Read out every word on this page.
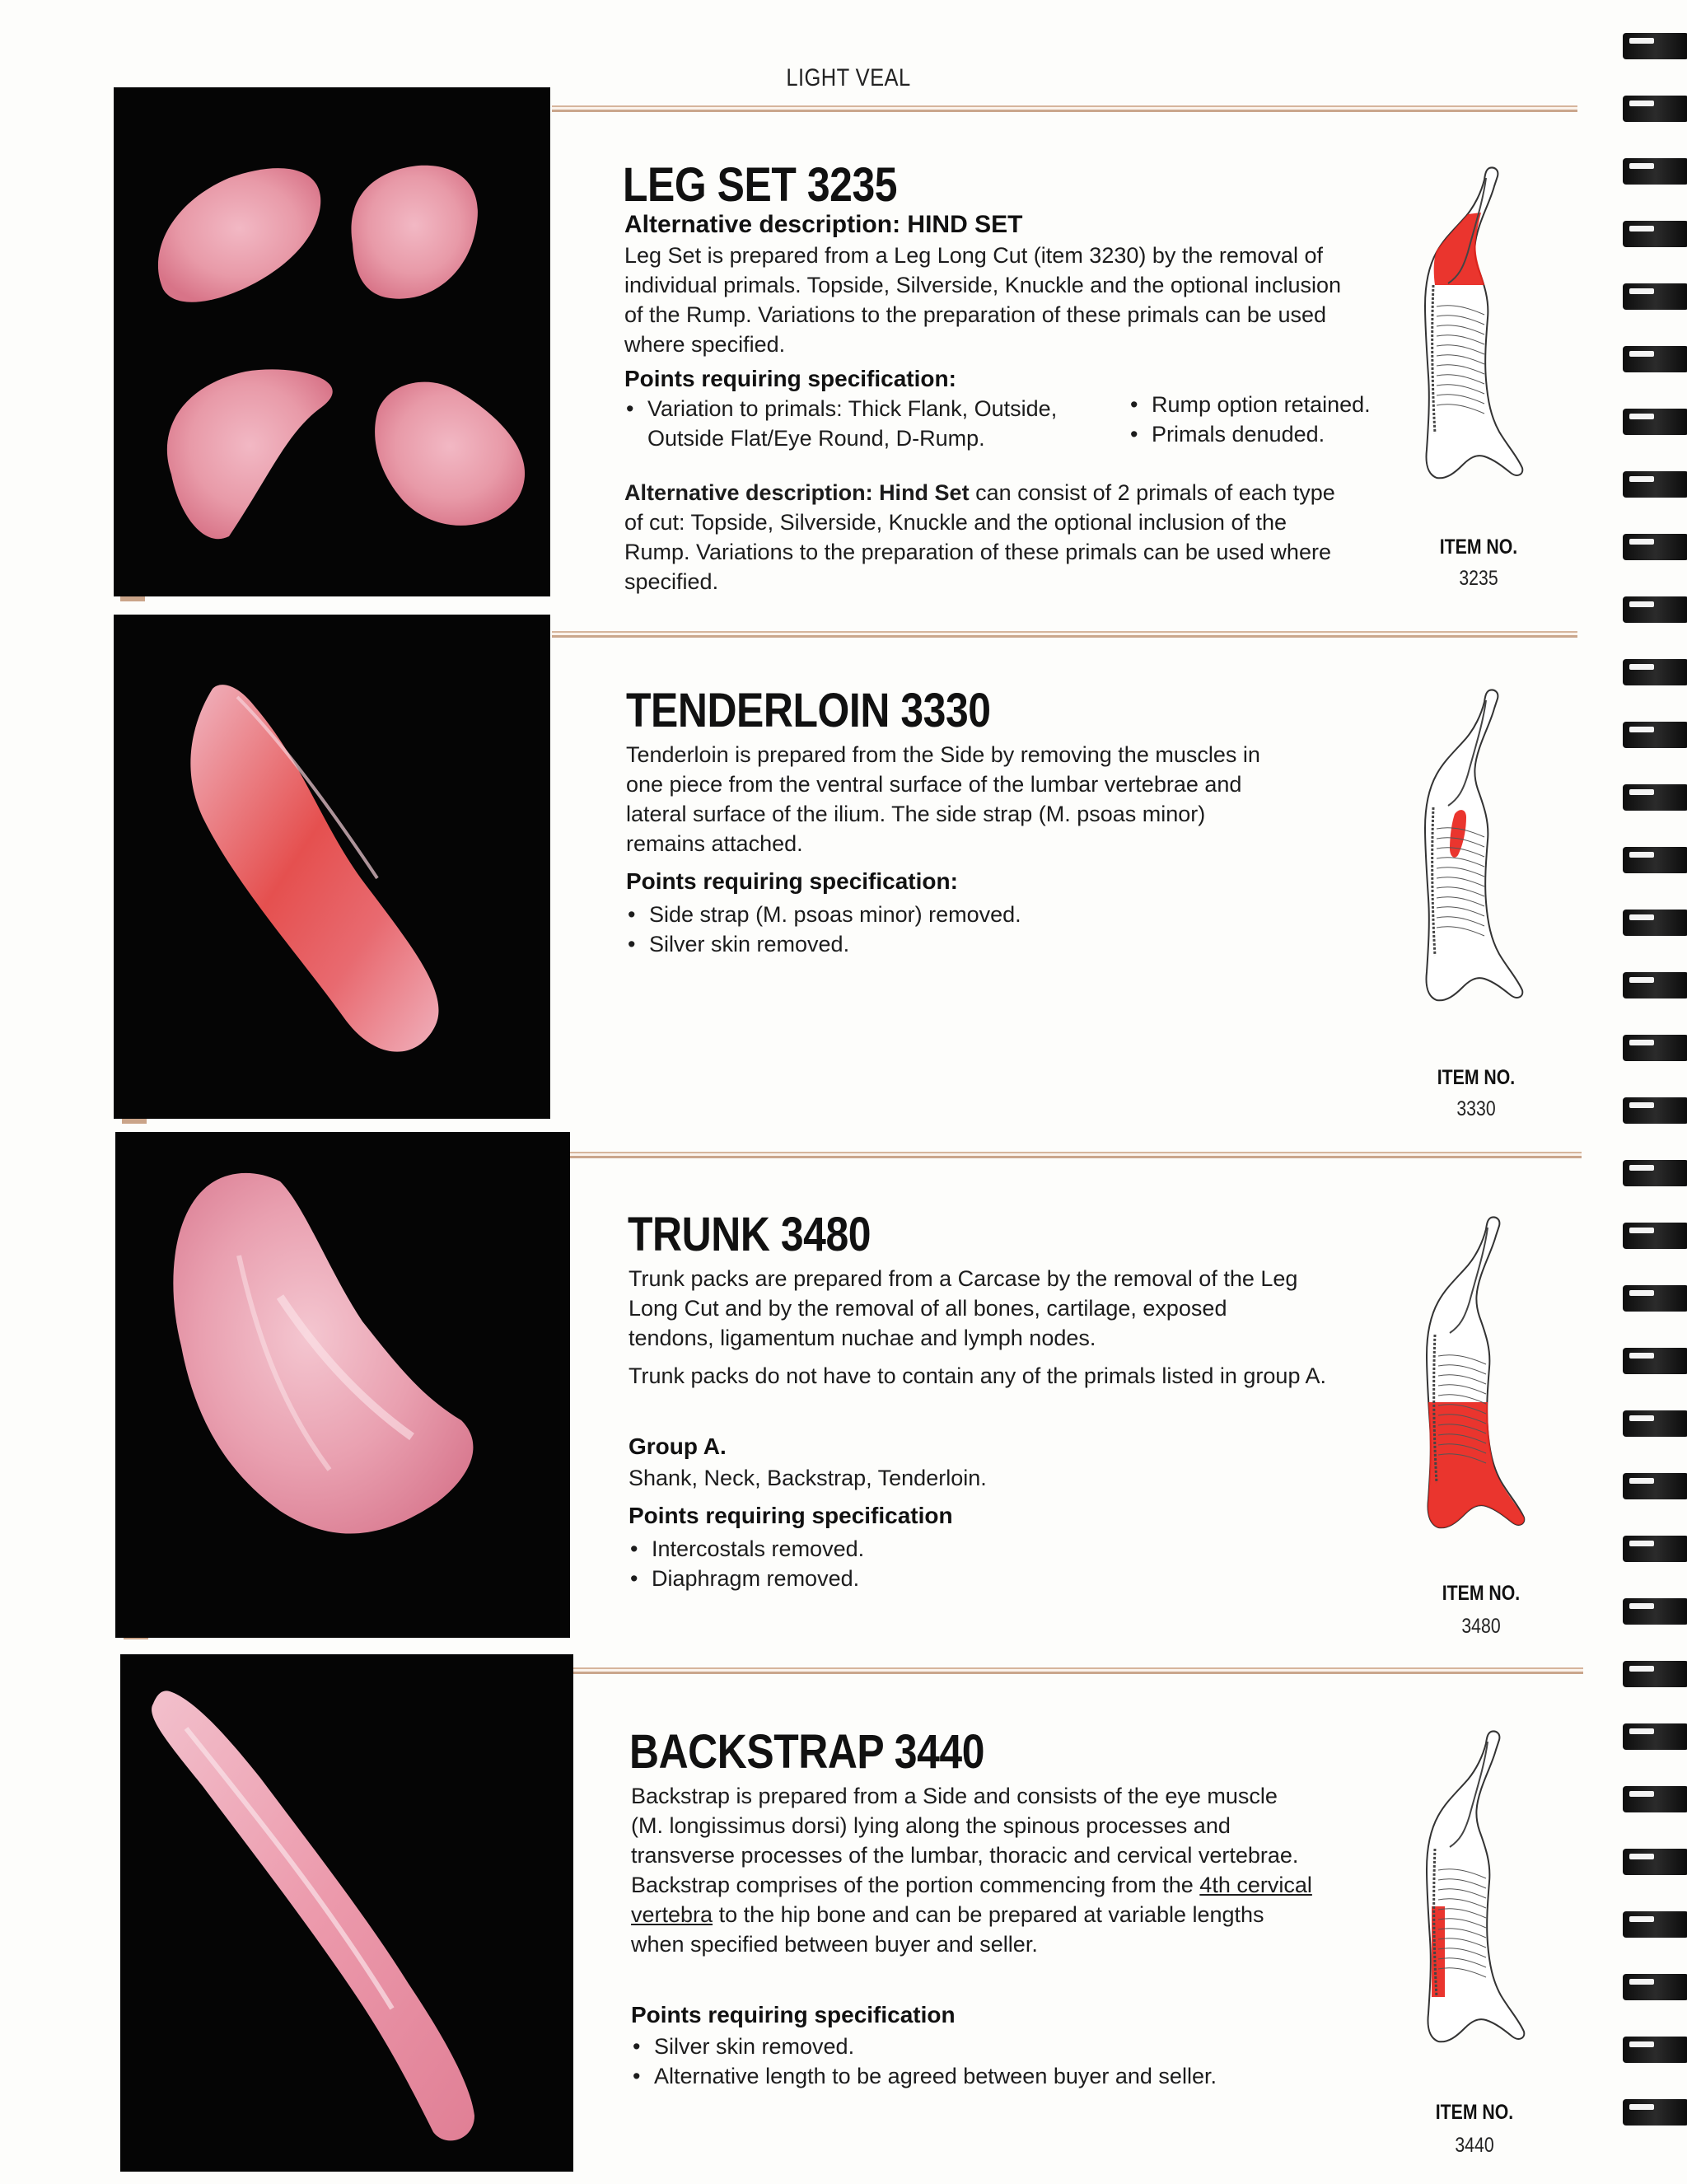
LIGHT VEAL
LEG SET 3235
Alternative description: HIND SET

Leg Set is prepared from a Leg Long Cut (item 3230) by the removal of individual primals. Topside, Silverside, Knuckle and the optional inclusion of the Rump. Variations to the preparation of these primals can be used where specified.

Points requiring specification:
• Variation to primals: Thick Flank, Outside, Outside Flat/Eye Round, D-Rump.
• Rump option retained.
• Primals denuded.

Alternative description: Hind Set can consist of 2 primals of each type of cut: Topside, Silverside, Knuckle and the optional inclusion of the Rump. Variations to the preparation of these primals can be used where specified.

ITEM NO.
3235
TENDERLOIN 3330

Tenderloin is prepared from the Side by removing the muscles in one piece from the ventral surface of the lumbar vertebrae and lateral surface of the ilium. The side strap (M. psoas minor) remains attached.

Points requiring specification:
• Side strap (M. psoas minor) removed.
• Silver skin removed.
ITEM NO.
3330
TRUNK 3480

Trunk packs are prepared from a Carcase by the removal of the Leg Long Cut and by the removal of all bones, cartilage, exposed tendons, ligamentum nuchae and lymph nodes.

Trunk packs do not have to contain any of the primals listed in group A.

Group A.

Shank, Neck, Backstrap, Tenderloin.

Points requiring specification
• Intercostals removed.
• Diaphragm removed.
ITEM NO.
3480
BACKSTRAP 3440

Backstrap is prepared from a Side and consists of the eye muscle (M. longissimus dorsi) lying along the spinous processes and transverse processes of the lumbar, thoracic and cervical vertebrae. Backstrap comprises of the portion commencing from the 4th cervical vertebra to the hip bone and can be prepared at variable lengths when specified between buyer and seller.

Points requiring specification
• Silver skin removed.
• Alternative length to be agreed between buyer and seller.
ITEM NO.
3440
